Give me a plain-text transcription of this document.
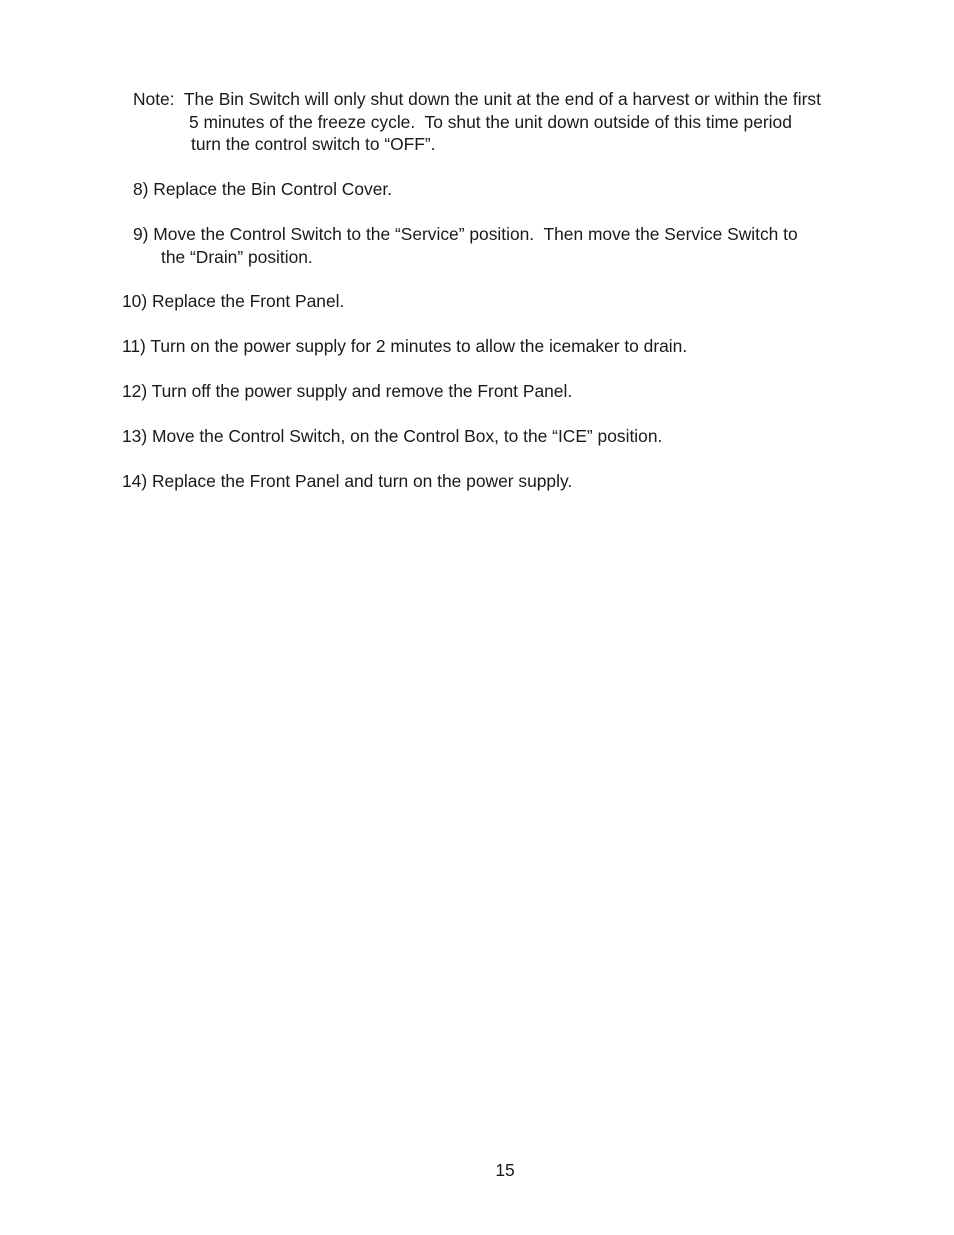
Note:  The Bin Switch will only shut down the unit at the end of a harvest or within the first

5 minutes of the freeze cycle.  To shut the unit down outside of this time period

turn the control switch to “OFF”.

8) Replace the Bin Control Cover.

9) Move the Control Switch to the “Service” position.  Then move the Service Switch to

the “Drain” position.

10) Replace the Front Panel.

11) Turn on the power supply for 2 minutes to allow the icemaker to drain.

12) Turn off the power supply and remove the Front Panel.

13) Move the Control Switch, on the Control Box, to the “ICE” position.

14) Replace the Front Panel and turn on the power supply.

15
